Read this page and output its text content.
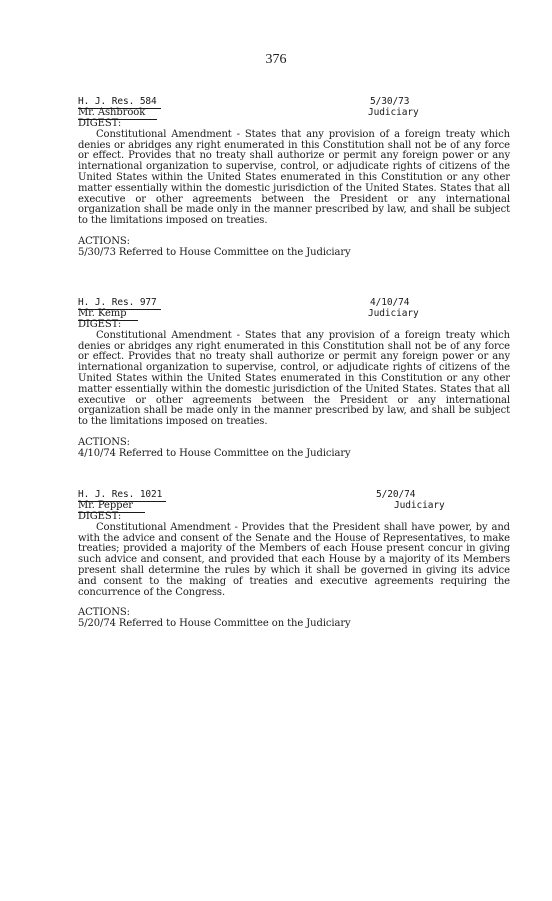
376
H. J. Res. 584	5/30/73
Mr. Ashbrook	Judiciary
DIGEST:

Constitutional Amendment - States that any provision of a foreign treaty which denies or abridges any right enumerated in this Constitution shall not be of any force or effect. Provides that no treaty shall authorize or permit any foreign power or any international organization to supervise, control, or adjudicate rights of citizens of the United States within the United States enumerated in this Constitution or any other matter essentially within the domestic jurisdiction of the United States. States that all executive or other agreements between the President or any international organization shall be made only in the manner prescribed by law, and shall be subject to the limitations imposed on treaties.

ACTIONS:
5/30/73 Referred to House Committee on the Judiciary
H. J. Res. 977	4/10/74
Mr. Kemp	Judiciary
DIGEST:

Constitutional Amendment - States that any provision of a foreign treaty which denies or abridges any right enumerated in this Constitution shall not be of any force or effect. Provides that no treaty shall authorize or permit any foreign power or any international organization to supervise, control, or adjudicate rights of citizens of the United States within the United States enumerated in this Constitution or any other matter essentially within the domestic jurisdiction of the United States. States that all executive or other agreements between the President or any international organization shall be made only in the manner prescribed by law, and shall be subject to the limitations imposed on treaties.

ACTIONS:
4/10/74 Referred to House Committee on the Judiciary
H. J. Res. 1021	5/20/74
Mr. Pepper	Judiciary
DIGEST:

Constitutional Amendment - Provides that the President shall have power, by and with the advice and consent of the Senate and the House of Representatives, to make treaties; provided a majority of the Members of each House present concur in giving such advice and consent, and provided that each House by a majority of its Members present shall determine the rules by which it shall be governed in giving its advice and consent to the making of treaties and executive agreements requiring the concurrence of the Congress.

ACTIONS:
5/20/74 Referred to House Committee on the Judiciary
